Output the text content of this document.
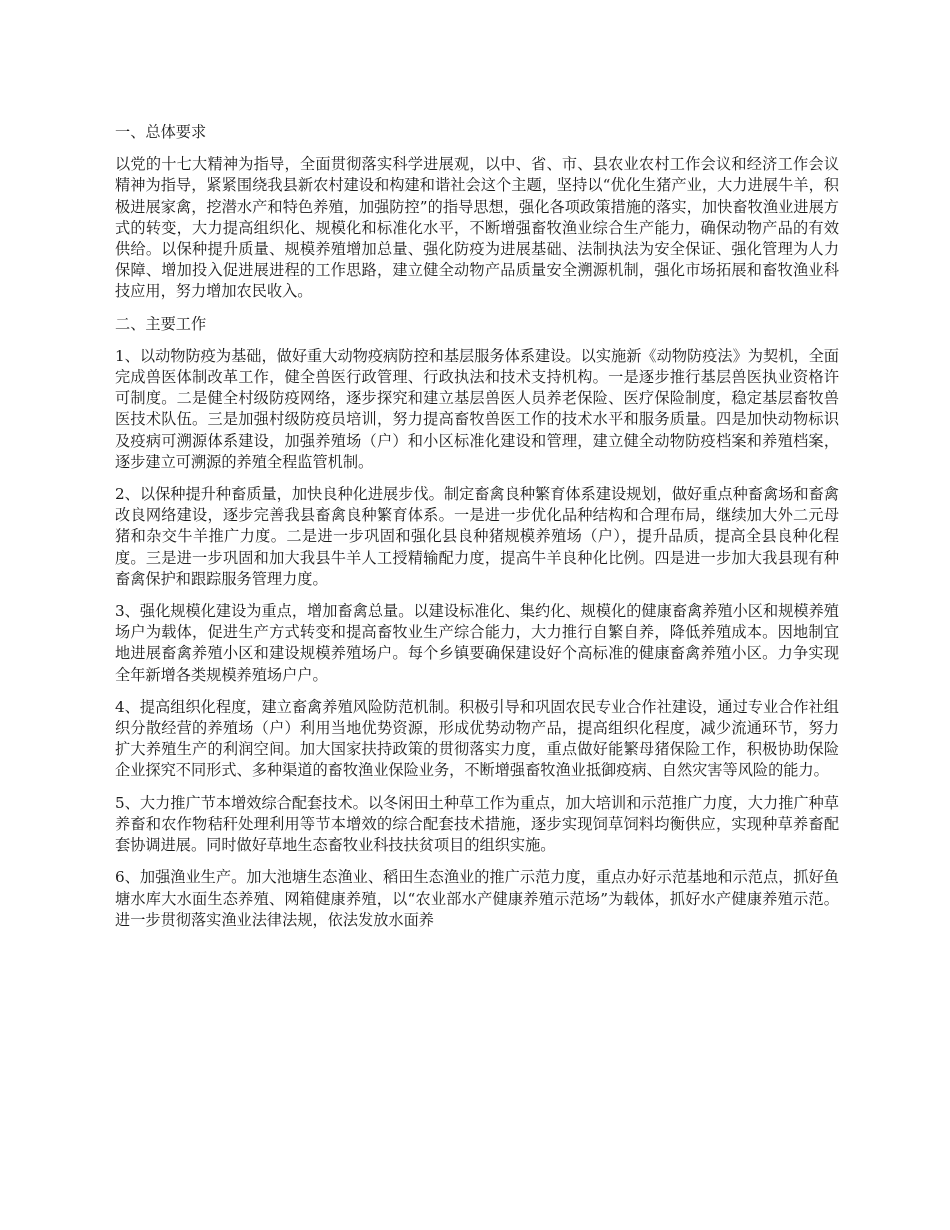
一、总体要求

以党的十七大精神为指导，全面贯彻落实科学进展观，以中、省、市、县农业农村工作会议和经济工作会议精神为指导，紧紧围绕我县新农村建设和构建和谐社会这个主题，坚持以“优化生猪产业，大力进展牛羊，积极进展家禽，挖潜水产和特色养殖，加强防控”的指导思想，强化各项政策措施的落实，加快畜牧渔业进展方式的转变，大力提高组织化、规模化和标准化水平，不断增强畜牧渔业综合生产能力，确保动物产品的有效供给。以保种提升质量、规模养殖增加总量、强化防疫为进展基础、法制执法为安全保证、强化管理为人力保障、增加投入促进展进程的工作思路，建立健全动物产品质量安全溯源机制，强化市场拓展和畜牧渔业科技应用，努力增加农民收入。

二、主要工作

1、以动物防疫为基础，做好重大动物疫病防控和基层服务体系建设。以实施新《动物防疫法》为契机，全面完成兽医体制改革工作，健全兽医行政管理、行政执法和技术支持机构。一是逐步推行基层兽医执业资格许可制度。二是健全村级防疫网络，逐步探究和建立基层兽医人员养老保险、医疗保险制度，稳定基层畜牧兽医技术队伍。三是加强村级防疫员培训，努力提高畜牧兽医工作的技术水平和服务质量。四是加快动物标识及疫病可溯源体系建设，加强养殖场（户）和小区标准化建设和管理，建立健全动物防疫档案和养殖档案，逐步建立可溯源的养殖全程监管机制。

2、以保种提升种畜质量，加快良种化进展步伐。制定畜禽良种繁育体系建设规划，做好重点种畜禽场和畜禽改良网络建设，逐步完善我县畜禽良种繁育体系。一是进一步优化品种结构和合理布局，继续加大外二元母猪和杂交牛羊推广力度。二是进一步巩固和强化县良种猪规模养殖场（户），提升品质，提高全县良种化程度。三是进一步巩固和加大我县牛羊人工授精输配力度，提高牛羊良种化比例。四是进一步加大我县现有种畜禽保护和跟踪服务管理力度。

3、强化规模化建设为重点，增加畜禽总量。以建设标准化、集约化、规模化的健康畜禽养殖小区和规模养殖场户为载体，促进生产方式转变和提高畜牧业生产综合能力，大力推行自繁自养，降低养殖成本。因地制宜地进展畜禽养殖小区和建设规模养殖场户。每个乡镇要确保建设好个高标准的健康畜禽养殖小区。力争实现全年新增各类规模养殖场户户。

4、提高组织化程度，建立畜禽养殖风险防范机制。积极引导和巩固农民专业合作社建设，通过专业合作社组织分散经营的养殖场（户）利用当地优势资源，形成优势动物产品，提高组织化程度，减少流通环节，努力扩大养殖生产的利润空间。加大国家扶持政策的贯彻落实力度，重点做好能繁母猪保险工作，积极协助保险企业探究不同形式、多种渠道的畜牧渔业保险业务，不断增强畜牧渔业抵御疫病、自然灾害等风险的能力。

5、大力推广节本增效综合配套技术。以冬闲田土种草工作为重点，加大培训和示范推广力度，大力推广种草养畜和农作物秸秆处理利用等节本增效的综合配套技术措施，逐步实现饲草饲料均衡供应，实现种草养畜配套协调进展。同时做好草地生态畜牧业科技扶贫项目的组织实施。

6、加强渔业生产。加大池塘生态渔业、稻田生态渔业的推广示范力度，重点办好示范基地和示范点，抓好鱼塘水库大水面生态养殖、网箱健康养殖，以“农业部水产健康养殖示范场”为载体，抓好水产健康养殖示范。进一步贯彻落实渔业法律法规，依法发放水面养
